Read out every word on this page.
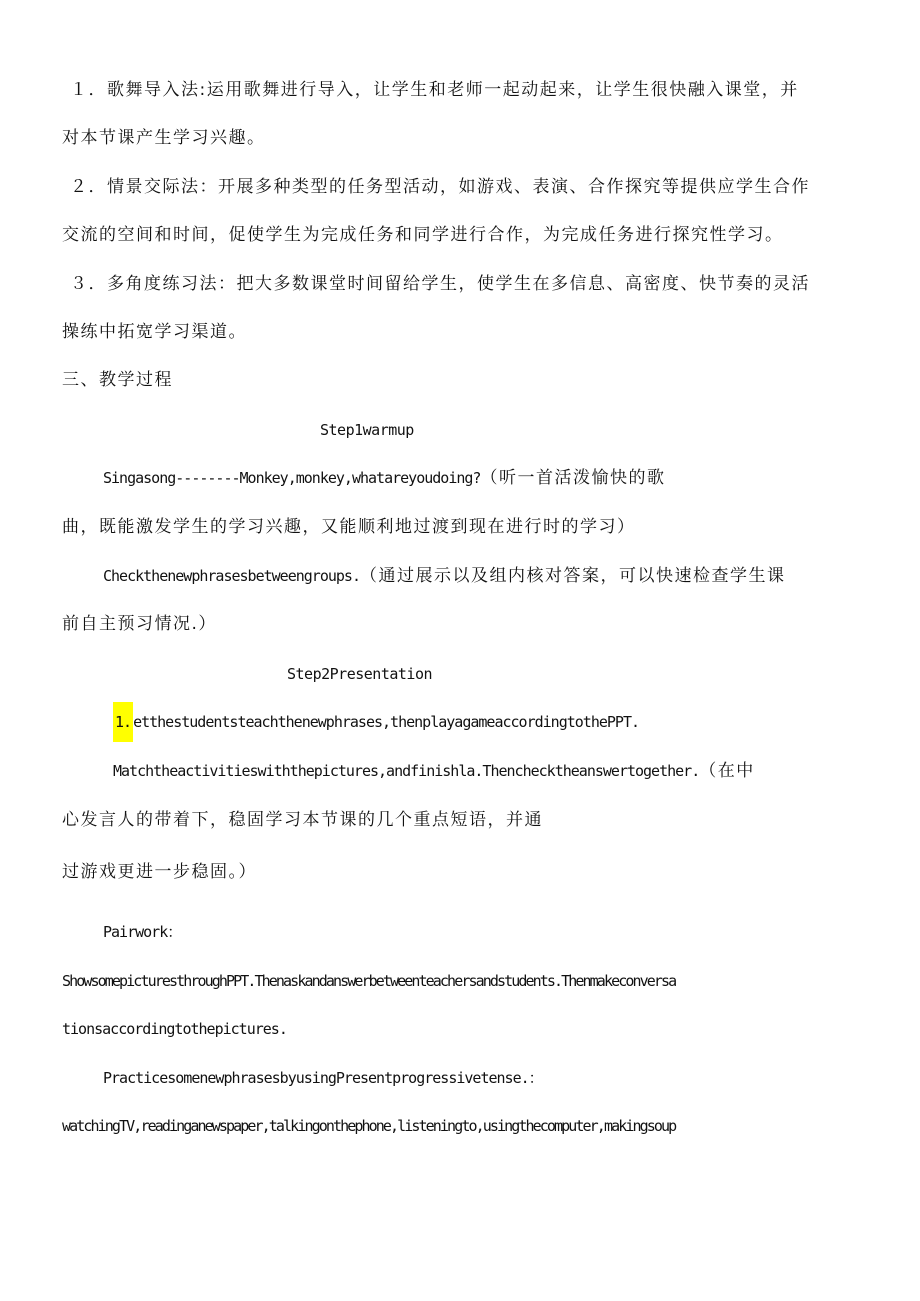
１．歌舞导入法:运用歌舞进行导入，让学生和老师一起动起来，让学生很快融入课堂，并
对本节课产生学习兴趣。
２．情景交际法：开展多种类型的任务型活动，如游戏、表演、合作探究等提供应学生合作
交流的空间和时间，促使学生为完成任务和同学进行合作，为完成任务进行探究性学习。
３．多角度练习法：把大多数课堂时间留给学生，使学生在多信息、高密度、快节奏的灵活
操练中拓宽学习渠道。
三、教学过程
Step1warmup
Singasong--------Monkey,monkey,whatareyoudoing?（听一首活泼愉快的歌
曲，既能激发学生的学习兴趣，又能顺利地过渡到现在进行时的学习）
Checkthenewphrasesbetweengroups.（通过展示以及组内核对答案，可以快速检查学生课
前自主预习情况.）
Step2Presentation
1. etthestudentsteachthenewphrases,thenplayagameaccordingtothePPT.
Matchtheactivitieswiththepictures,andfinishla.Thenchecktheanswertogether.（在中
心发言人的带着下，稳固学习本节课的几个重点短语，并通
过游戏更进一步稳固。）
Pairwork：
ShowsomepicturesthroughPPT.Thenaskandanswerbetweenteachersandstudents.Thenmakeconversa
tionsaccordingtothepictures.
PracticesomenewphrasesbyusingPresentprogressivetense.：
watchingTV,readinganewspaper,talkingonthephone,listeningto,usingthecomputer,makingsoup
